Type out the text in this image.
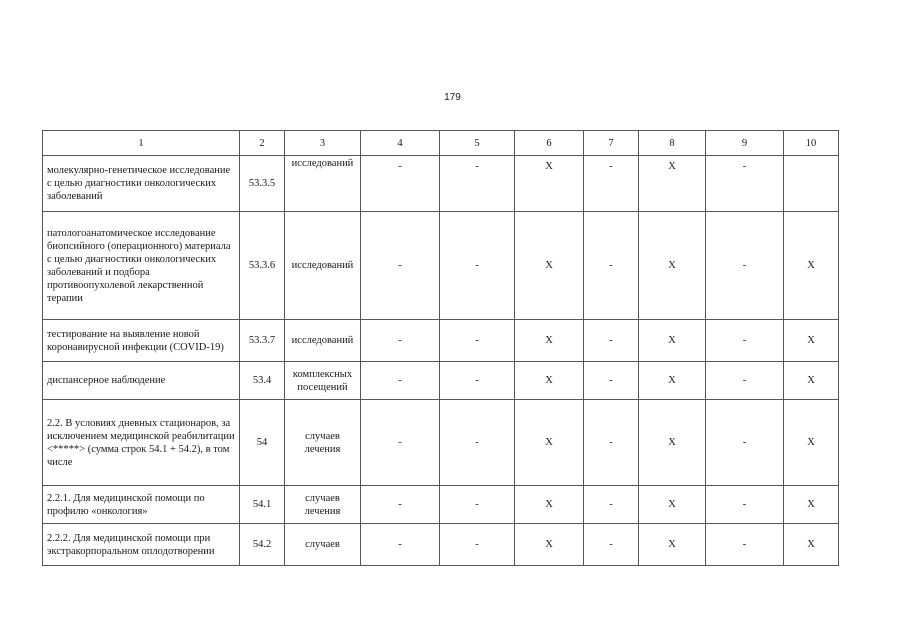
179
1	2	3	4	5	6	7	8	9	10
молекулярно-генетическое исследование с целью диагностики онкологических заболеваний	53.3.5	исследований	-	-	Х	-	Х	-	
патологоанатомическое исследование биопсийного (операционного) материала с целью диагностики онкологических заболеваний и подбора противоопухолевой лекарственной терапии	53.3.6	исследований	-	-	Х	-	Х	-	Х
тестирование на выявление новой коронавирусной инфекции (COVID-19)	53.3.7	исследований	-	-	Х	-	Х	-	Х
диспансерное наблюдение	53.4	комплексных посещений	-	-	Х	-	Х	-	Х
2.2. В условиях дневных стационаров, за исключением медицинской реабилитации <*****> (сумма строк 54.1 + 54.2), в том числе	54	случаев лечения	-	-	Х	-	Х	-	Х
2.2.1. Для медицинской помощи по профилю «онкология»	54.1	случаев лечения	-	-	Х	-	Х	-	Х
2.2.2. Для медицинской помощи при экстракорпоральном оплодотворении	54.2	случаев	-	-	Х	-	Х	-	Х
